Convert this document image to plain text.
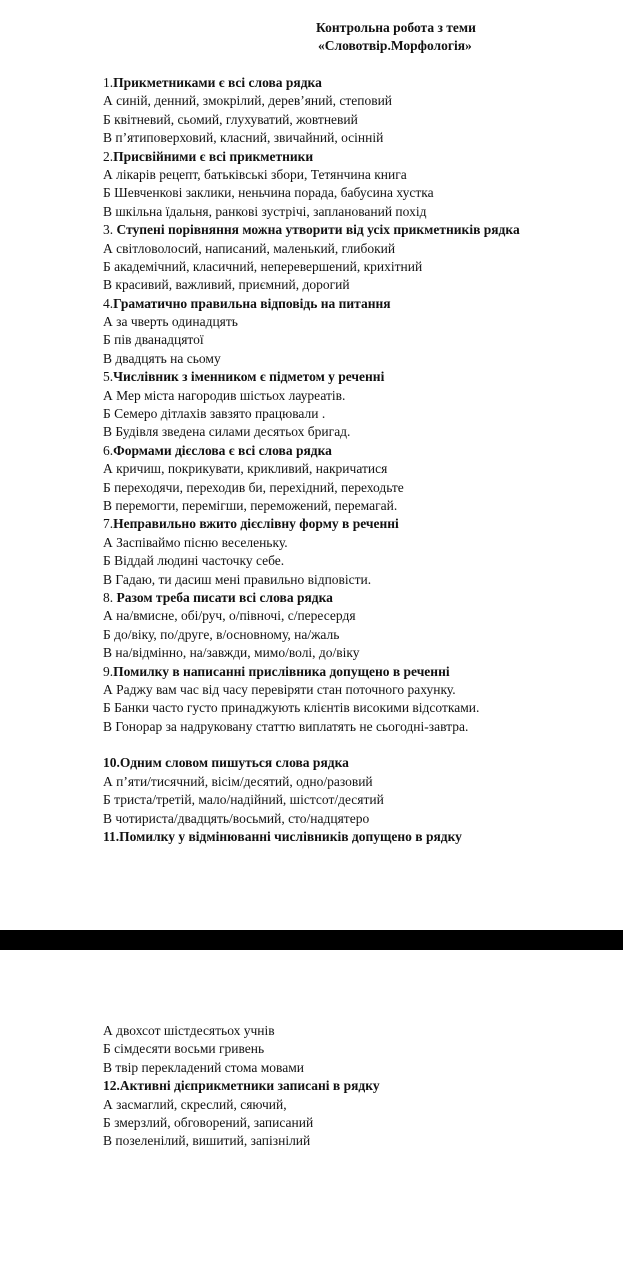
Контрольна робота з теми
«Словотвір.Морфологія»
1.Прикметниками є всі слова рядка
А синій, денний, змокрілий, дерев’яний, степовий
Б квітневий, сьомий, глухуватий, жовтневий
В п’ятиповерховий, класний, звичайний, осінній
2.Присвійними є всі прикметники
А лікарів рецепт, батьківські збори, Тетянчина книга
Б Шевченкові заклики, неньчина порада, бабусина хустка
В шкільна їдальня, ранкові зустрічі, запланований похід
3. Ступені порівняння можна утворити від усіх прикметників рядка
А світловолосий, написаний, маленький, глибокий
Б академічний, класичний, неперевершений, крихітний
В красивий, важливий, приємний, дорогий
4.Граматично правильна відповідь на питання
А за чверть одинадцять
Б пів дванадцятої
В двадцять на сьому
5.Числівник з іменником є підметом у реченні
А Мер міста нагородив шістьох лауреатів.
Б Семеро дітлахів завзято працювали .
В Будівля зведена силами десятьох бригад.
6.Формами дієслова є всі слова рядка
А кричиш, покрикувати, крикливий, накричатися
Б переходячи, переходив би, перехідний, переходьте
В перемогти, перемігши, переможений, перемагай.
7.Неправильно вжито дієслівну форму в реченні
А Заспіваймо пісню веселеньку.
Б Віддай людині часточку себе.
В Гадаю, ти дасиш мені правильно відповісти.
8. Разом треба писати всі слова рядка
А на/вмисне, обі/руч, о/півночі, с/пересердя
Б до/віку, по/друге, в/основному, на/жаль
В на/відмінно, на/завжди, мимо/волі, до/віку
9.Помилку в написанні прислівника допущено в реченні
А Раджу вам час від часу перевіряти стан поточного рахунку.
Б Банки часто густо принаджують клієнтів високими відсотками.
В Гонорар за надруковану статтю виплатять не сьогодні-завтра.
10.Одним словом пишуться слова рядка
А п’яти/тисячний, вісім/десятий, одно/разовий
Б триста/третій, мало/надійний, шістсот/десятий
В чотириста/двадцять/восьмий, сто/надцятеро
11.Помилку у відмінюванні числівників допущено в рядку
А двохсот шістдесятьох учнів
Б сімдесяти восьми гривень
В твір перекладений стома мовами
12.Активні дієприкметники записані в рядку
А засмаглий, скреслий, сяючий,
Б змерзлий, обговорений, записаний
В позеленілий, вишитий, запізнілий
